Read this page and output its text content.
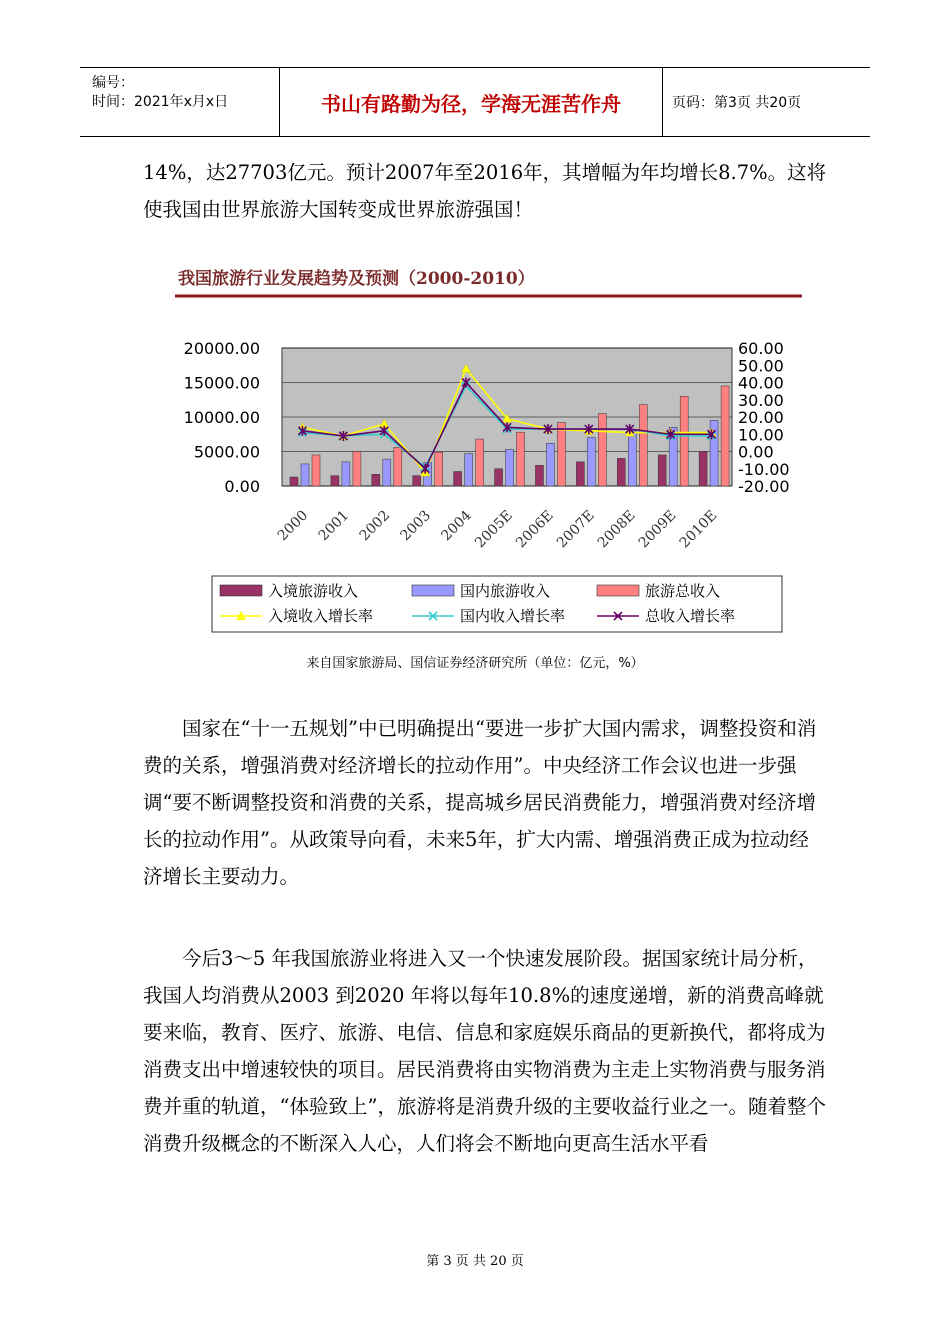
编号：
时间：2021年x月x日	书山有路勤为径，学海无涯苦作舟	页码：第3页 共20页

14%，达27703亿元。预计2007年至2016年，其增幅为年均增长8.7%。这将使我国由世界旅游大国转变成世界旅游强国！

我国旅游行业发展趋势及预测（2000-2010）
20000.00
15000.00
10000.00
5000.00
0.00
60.00
50.00
40.00
30.00
20.00
10.00
0.00
-10.00
-20.00
2000 2001 2002 2003 2004
2005E
2006E
2007E
2008E
2009E
2010E
入境旅游收入	国内旅游收入	旅游总收入
入境收入增长率	国内收入增长率	总收入增长率
来自国家旅游局、国信证券经济研究所（单位：亿元，%）

国家在“十一五规划”中已明确提出“要进一步扩大国内需求，调整投资和消费的关系，增强消费对经济增长的拉动作用”。中央经济工作会议也进一步强调“要不断调整投资和消费的关系，提高城乡居民消费能力，增强消费对经济增长的拉动作用”。从政策导向看，未来5年，扩大内需、增强消费正成为拉动经济增长主要动力。

今后3～5 年我国旅游业将进入又一个快速发展阶段。据国家统计局分析，我国人均消费从2003 到2020 年将以每年10.8%的速度递增，新的消费高峰就要来临，教育、医疗、旅游、电信、信息和家庭娱乐商品的更新换代，都将成为消费支出中增速较快的项目。居民消费将由实物消费为主走上实物消费与服务消费并重的轨道，“体验致上”，旅游将是消费升级的主要收益行业之一。随着整个消费升级概念的不断深入人心，人们将会不断地向更高生活水平看

第 3 页 共 20 页
